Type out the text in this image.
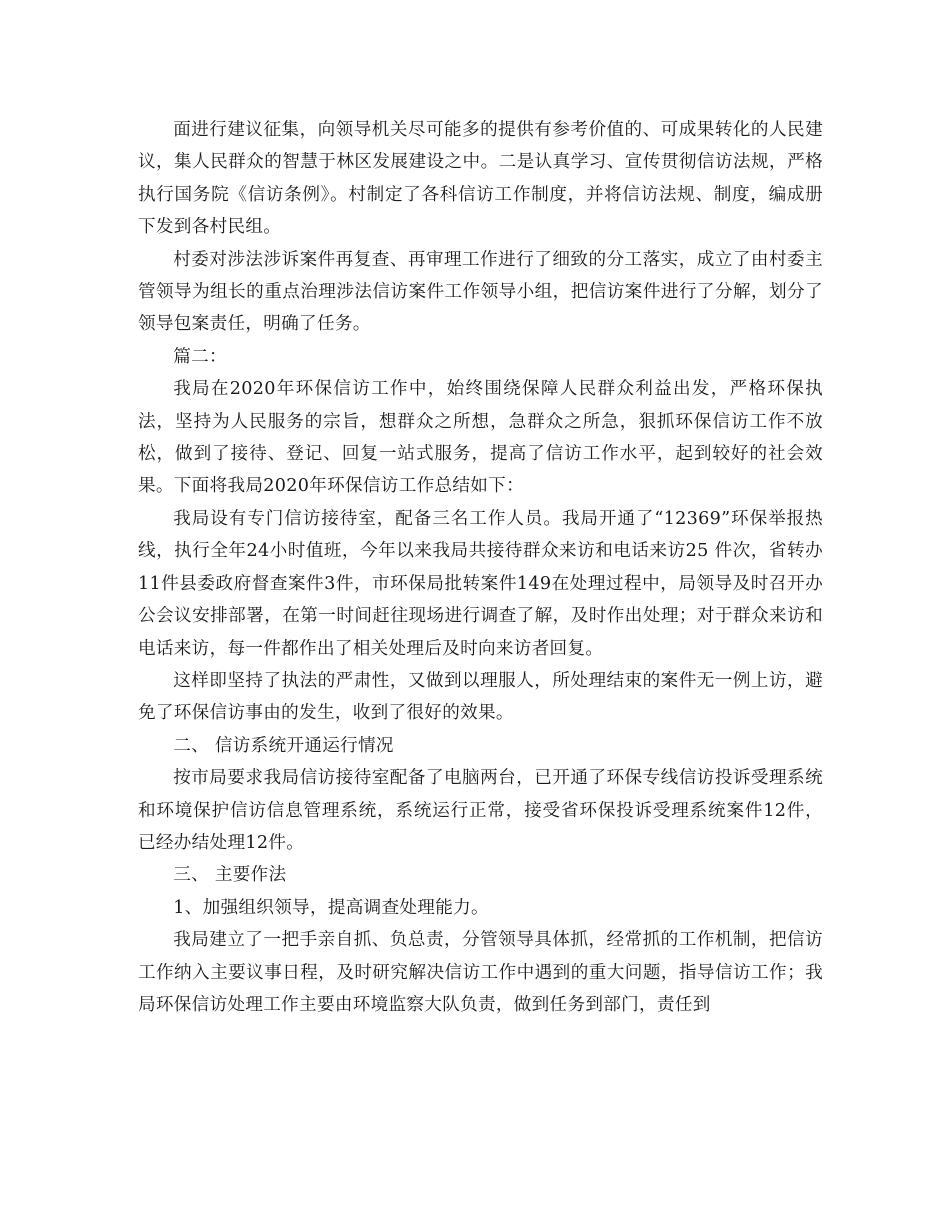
面进行建议征集，向领导机关尽可能多的提供有参考价值的、可成果转化的人民建议，集人民群众的智慧于林区发展建设之中。二是认真学习、宣传贯彻信访法规，严格执行国务院《信访条例》。村制定了各科信访工作制度，并将信访法规、制度，编成册下发到各村民组。

村委对涉法涉诉案件再复查、再审理工作进行了细致的分工落实，成立了由村委主管领导为组长的重点治理涉法信访案件工作领导小组，把信访案件进行了分解，划分了领导包案责任，明确了任务。

篇二：

我局在2020年环保信访工作中，始终围绕保障人民群众利益出发，严格环保执法，坚持为人民服务的宗旨，想群众之所想，急群众之所急，狠抓环保信访工作不放松，做到了接待、登记、回复一站式服务，提高了信访工作水平，起到较好的社会效果。下面将我局2020年环保信访工作总结如下：

我局设有专门信访接待室，配备三名工作人员。我局开通了“12369”环保举报热线，执行全年24小时值班，今年以来我局共接待群众来访和电话来访25 件次，省转办11件县委政府督查案件3件，市环保局批转案件149在处理过程中，局领导及时召开办公会议安排部署，在第一时间赶往现场进行调查了解，及时作出处理；对于群众来访和电话来访，每一件都作出了相关处理后及时向来访者回复。

这样即坚持了执法的严肃性，又做到以理服人，所处理结束的案件无一例上访，避免了环保信访事由的发生，收到了很好的效果。

二、 信访系统开通运行情况

按市局要求我局信访接待室配备了电脑两台，已开通了环保专线信访投诉受理系统和环境保护信访信息管理系统，系统运行正常，接受省环保投诉受理系统案件12件，已经办结处理12件。

三、 主要作法

1、加强组织领导，提高调查处理能力。

我局建立了一把手亲自抓、负总责，分管领导具体抓，经常抓的工作机制，把信访工作纳入主要议事日程，及时研究解决信访工作中遇到的重大问题，指导信访工作；我局环保信访处理工作主要由环境监察大队负责，做到任务到部门，责任到
